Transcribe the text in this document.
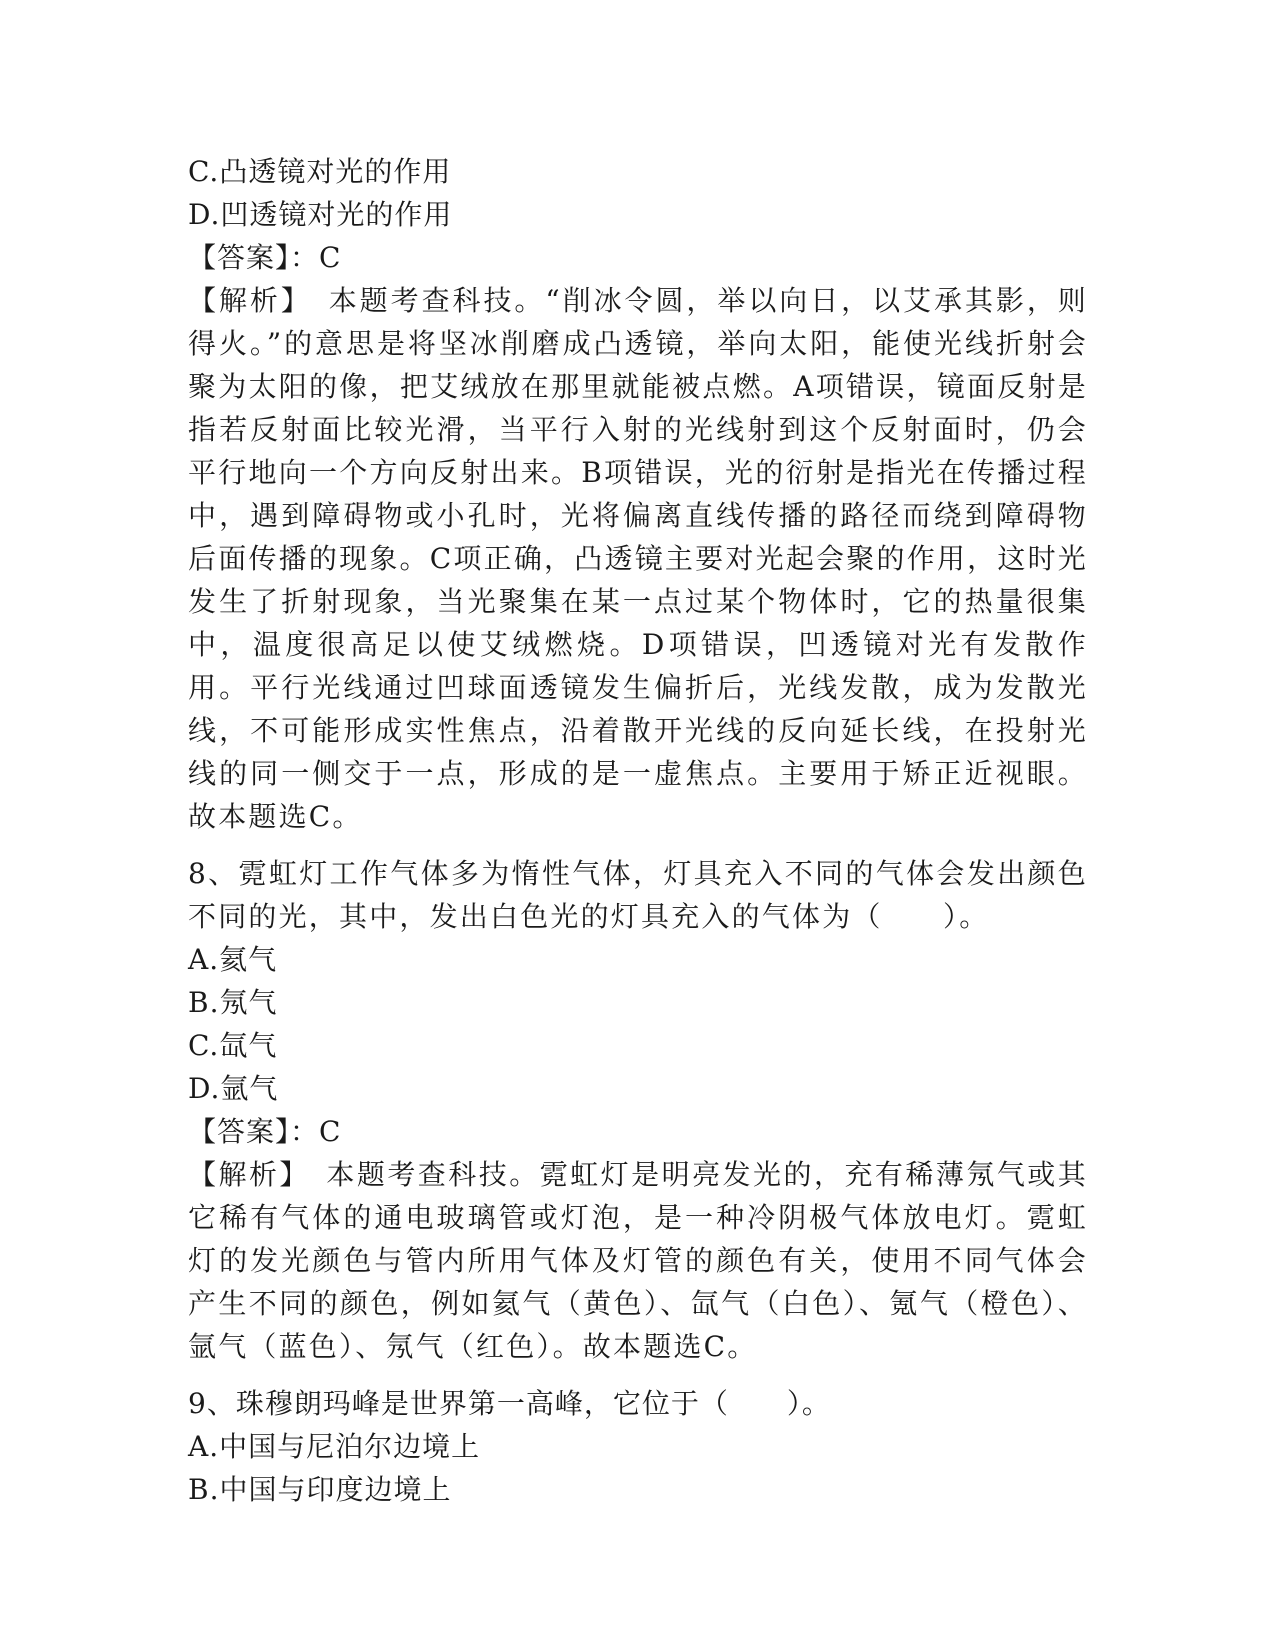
C.凸透镜对光的作用
D.凹透镜对光的作用
【答案】：C

【解析】　本题考查科技。“削冰令圆，举以向日，以艾承其影，则得火。”的意思是将坚冰削磨成凸透镜，举向太阳，能使光线折射会聚为太阳的像，把艾绒放在那里就能被点燃。A项错误，镜面反射是指若反射面比较光滑，当平行入射的光线射到这个反射面时，仍会平行地向一个方向反射出来。B项错误，光的衍射是指光在传播过程中，遇到障碍物或小孔时，光将偏离直线传播的路径而绕到障碍物后面传播的现象。C项正确，凸透镜主要对光起会聚的作用，这时光发生了折射现象，当光聚集在某一点过某个物体时，它的热量很集中，温度很高足以使艾绒燃烧。D项错误，凹透镜对光有发散作用。平行光线通过凹球面透镜发生偏折后，光线发散，成为发散光线，不可能形成实性焦点，沿着散开光线的反向延长线，在投射光线的同一侧交于一点，形成的是一虚焦点。主要用于矫正近视眼。故本题选C。

8、霓虹灯工作气体多为惰性气体，灯具充入不同的气体会发出颜色不同的光，其中，发出白色光的灯具充入的气体为（　　）。

A.氦气
B.氖气
C.氙气
D.氩气
【答案】：C

【解析】　本题考查科技。霓虹灯是明亮发光的，充有稀薄氖气或其它稀有气体的通电玻璃管或灯泡，是一种冷阴极气体放电灯。霓虹灯的发光颜色与管内所用气体及灯管的颜色有关，使用不同气体会产生不同的颜色，例如氦气（黄色）、氙气（白色）、氪气（橙色）、氩气（蓝色）、氖气（红色）。故本题选C。

9、珠穆朗玛峰是世界第一高峰，它位于（　　）。
A.中国与尼泊尔边境上
B.中国与印度边境上
